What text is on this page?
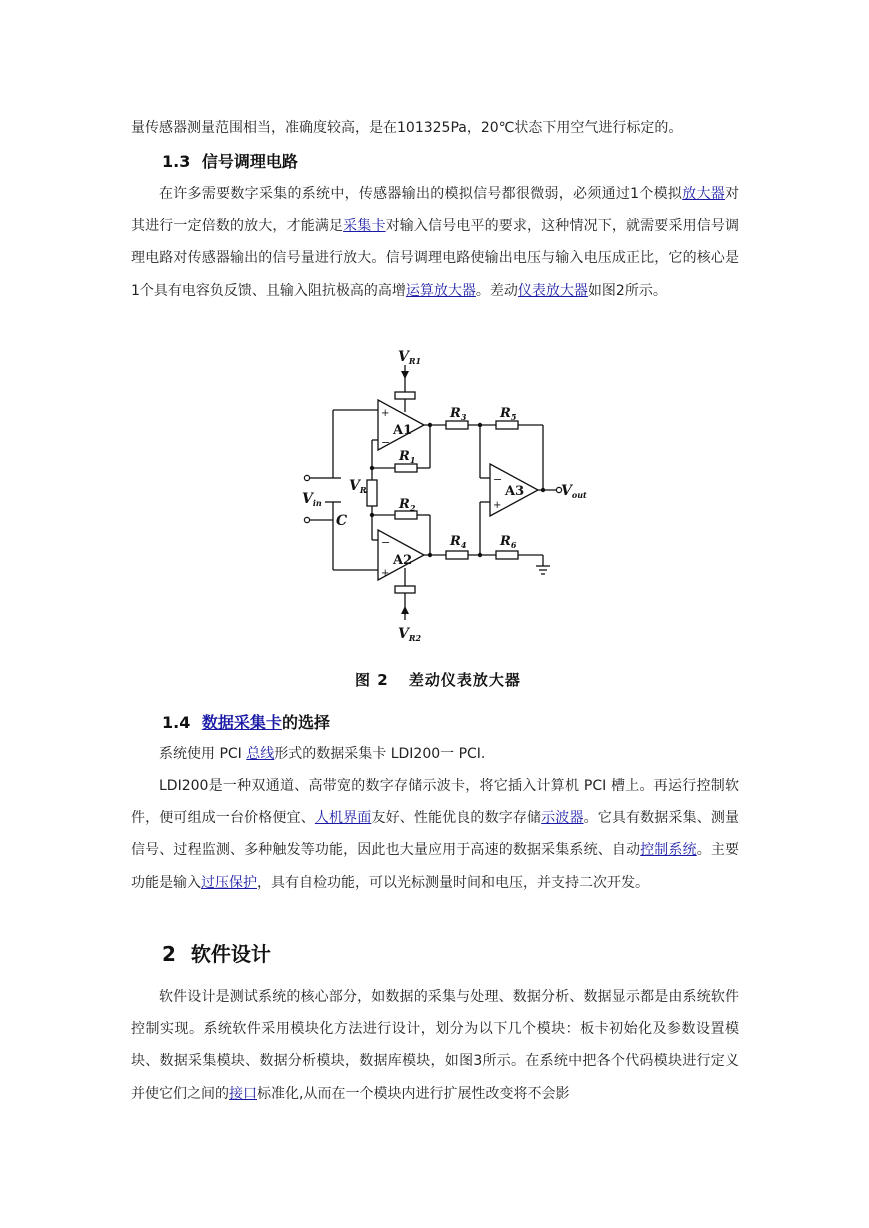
量传感器测量范围相当，准确度较高，是在101325Pa，20℃状态下用空气进行标定的。

1.3 信号调理电路

在许多需要数字采集的系统中，传感器输出的模拟信号都很微弱，必须通过1个模拟放大器对其进行一定倍数的放大，才能满足采集卡对输入信号电平的要求，这种情况下，就需要采用信号调理电路对传感器输出的信号量进行放大。信号调理电路使输出电压与输入电压成正比，它的核心是1个具有电容负反馈、且输入阻抗极高的高增运算放大器。差动仪表放大器如图2所示。

$V_{R1}$
$V_{R2}$
$V_R$
$V_{in}$
$V_{out}$
C
A1
A2
A3
$R_1$
$R_2$
$R_3$
$R_4$
$R_5$
$R_6$
+
−
−
+
−
+
图 2 差动仪表放大器
1.4 数据采集卡的选择

系统使用 PCI 总线形式的数据采集卡 LDI200一 PCI.

LDI200是一种双通道、高带宽的数字存储示波卡，将它插入计算机 PCI 槽上。再运行控制软件，便可组成一台价格便宜、人机界面友好、性能优良的数字存储示波器。它具有数据采集、测量信号、过程监测、多种触发等功能，因此也大量应用于高速的数据采集系统、自动控制系统。主要功能是输入过压保护，具有自检功能，可以光标测量时间和电压，并支持二次开发。

2 软件设计

软件设计是测试系统的核心部分，如数据的采集与处理、数据分析、数据显示都是由系统软件控制实现。系统软件采用模块化方法进行设计，划分为以下几个模块：板卡初始化及参数设置模块、数据采集模块、数据分析模块，数据库模块，如图3所示。在系统中把各个代码模块进行定义并使它们之间的接口标准化,从而在一个模块内进行扩展性改变将不会影
